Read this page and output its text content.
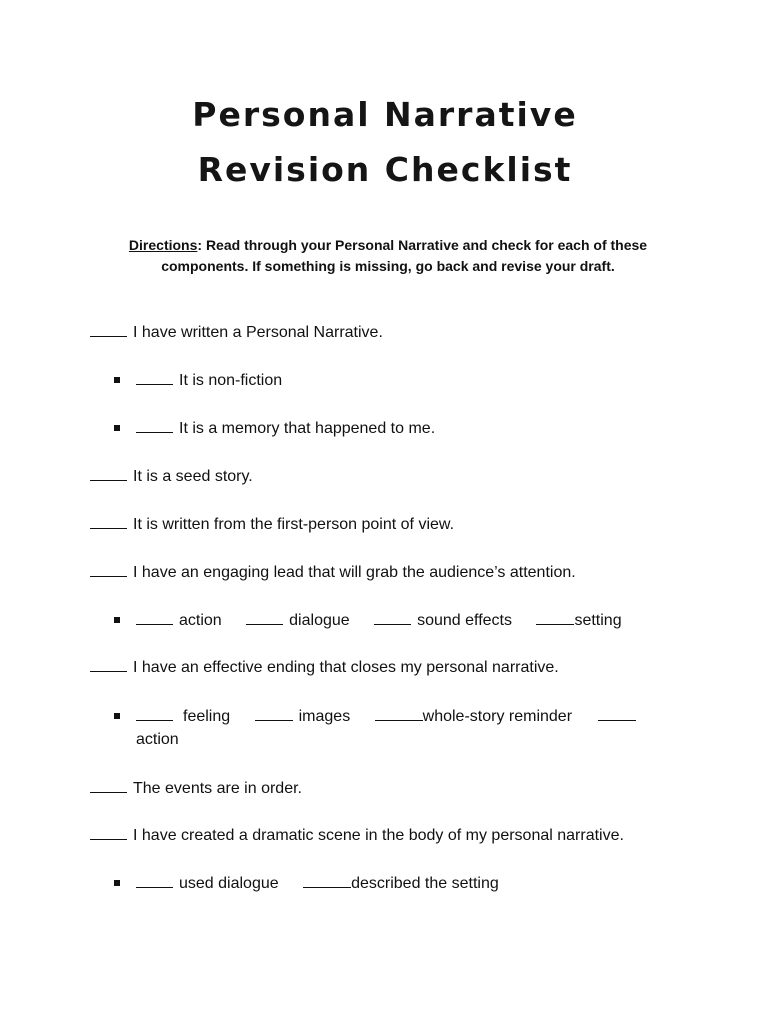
Personal Narrative
Revision Checklist
Directions: Read through your Personal Narrative and check for each of these
components. If something is missing, go back and revise your draft.
I have written a Personal Narrative.
It is non-fiction
It is a memory that happened to me.
It is a seed story.
It is written from the first-person point of view.
I have an engaging lead that will grab the audience’s attention.
action	dialogue	sound effects	setting
I have an effective ending that closes my personal narrative.
feeling	images	whole-story reminder
action
The events are in order.
I have created a dramatic scene in the body of my personal narrative.
used dialogue	described the setting
